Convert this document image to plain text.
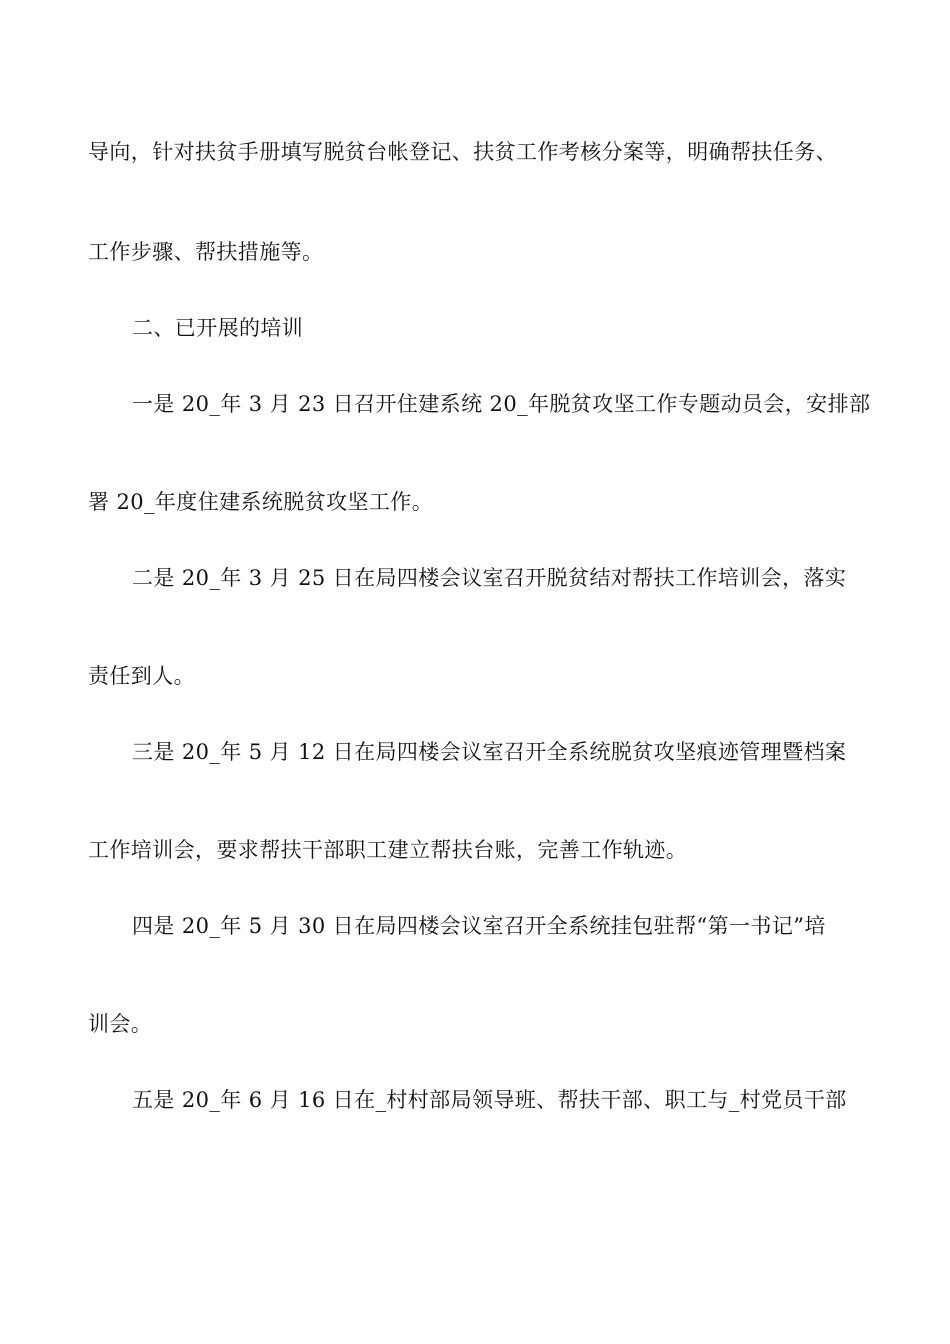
导向，针对扶贫手册填写脱贫台帐登记、扶贫工作考核分案等，明确帮扶任务、
工作步骤、帮扶措施等。
二、已开展的培训
一是 20_年 3 月 23 日召开住建系统 20_年脱贫攻坚工作专题动员会，安排部
署 20_年度住建系统脱贫攻坚工作。
二是 20_年 3 月 25 日在局四楼会议室召开脱贫结对帮扶工作培训会，落实
责任到人。
三是 20_年 5 月 12 日在局四楼会议室召开全系统脱贫攻坚痕迹管理暨档案
工作培训会，要求帮扶干部职工建立帮扶台账，完善工作轨迹。
四是 20_年 5 月 30 日在局四楼会议室召开全系统挂包驻帮“第一书记”培
训会。
五是 20_年 6 月 16 日在_村村部局领导班、帮扶干部、职工与_村党员干部
